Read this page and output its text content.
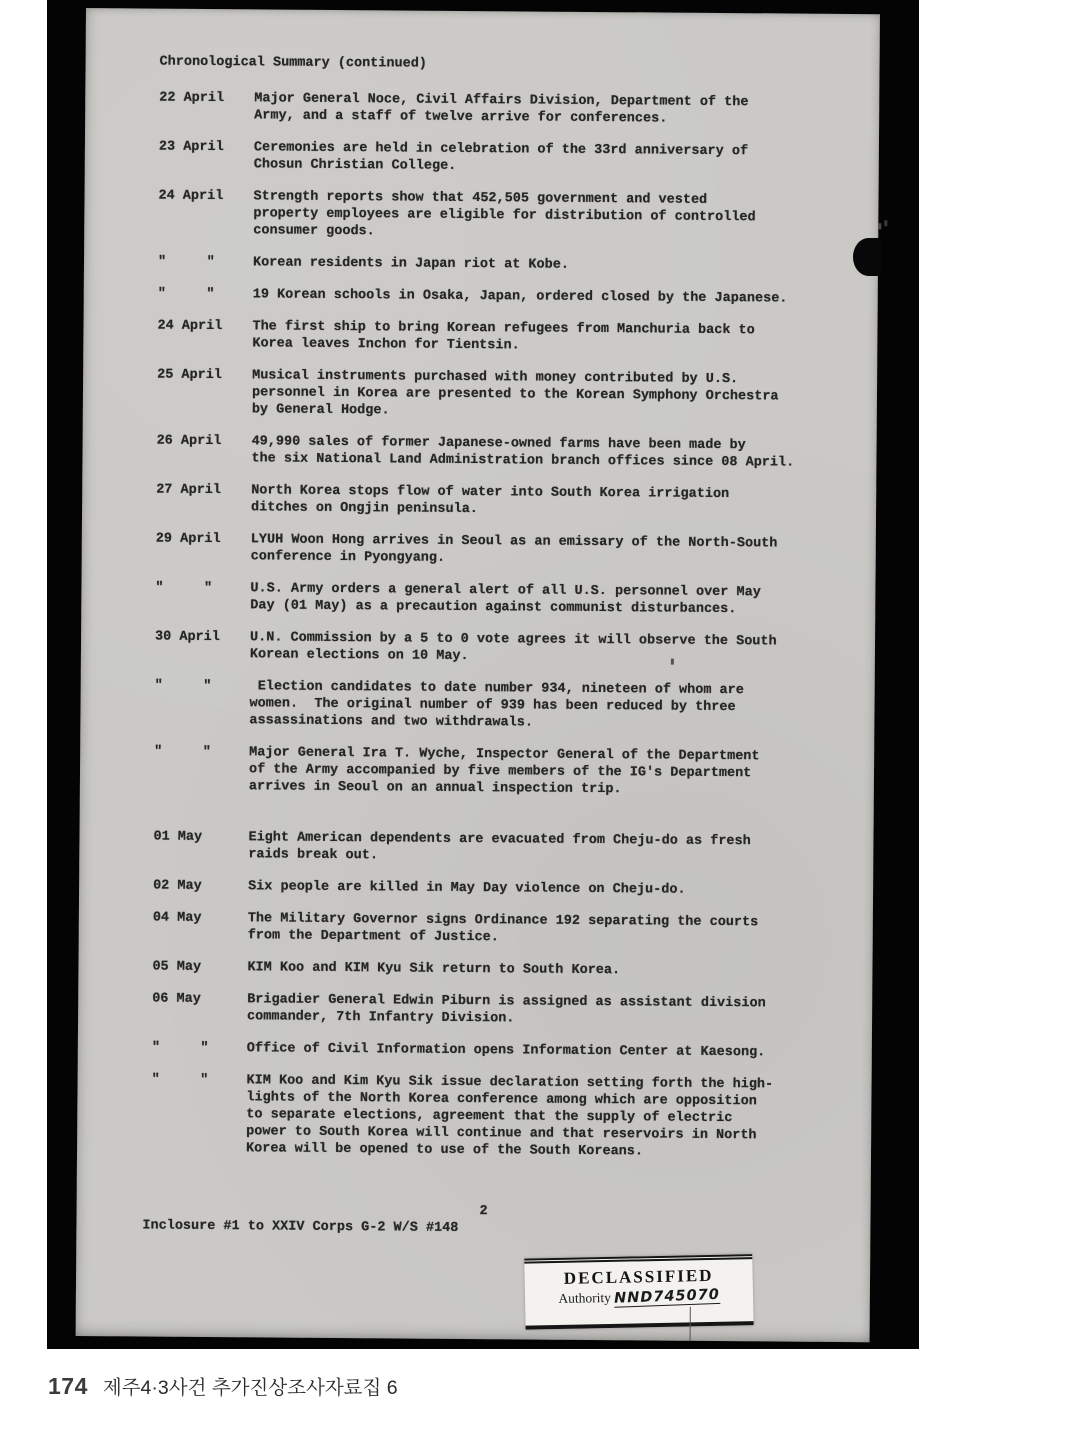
Chronological Summary (continued)
22 April	Major General Noce, Civil Affairs Division, Department of the
Army, and a staff of twelve arrive for conferences.
23 April	Ceremonies are held in celebration of the 33rd anniversary of
Chosun Christian College.
24 April	Strength reports show that 452,505 government and vested
property employees are eligible for distribution of controlled
consumer goods.
"     "	Korean residents in Japan riot at Kobe.
"     "	19 Korean schools in Osaka, Japan, ordered closed by the Japanese.
24 April	The first ship to bring Korean refugees from Manchuria back to
Korea leaves Inchon for Tientsin.
25 April	Musical instruments purchased with money contributed by U.S.
personnel in Korea are presented to the Korean Symphony Orchestra
by General Hodge.
26 April	49,990 sales of former Japanese-owned farms have been made by
the six National Land Administration branch offices since 08 April.
27 April	North Korea stops flow of water into South Korea irrigation
ditches on Ongjin peninsula.
29 April	LYUH Woon Hong arrives in Seoul as an emissary of the North-South
conference in Pyongyang.
"     "	U.S. Army orders a general alert of all U.S. personnel over May
Day (01 May) as a precaution against communist disturbances.
30 April	U.N. Commission by a 5 to 0 vote agrees it will observe the South
Korean elections on 10 May.
"     "	Election candidates to date number 934, nineteen of whom are
women.  The original number of 939 has been reduced by three
assassinations and two withdrawals.
"     "	Major General Ira T. Wyche, Inspector General of the Department
of the Army accompanied by five members of the IG's Department
arrives in Seoul on an annual inspection trip.
01 May	Eight American dependents are evacuated from Cheju-do as fresh
raids break out.
02 May	Six people are killed in May Day violence on Cheju-do.
04 May	The Military Governor signs Ordinance 192 separating the courts
from the Department of Justice.
05 May	KIM Koo and KIM Kyu Sik return to South Korea.
06 May	Brigadier General Edwin Piburn is assigned as assistant division
commander, 7th Infantry Division.
"     "	Office of Civil Information opens Information Center at Kaesong.
"     "	KIM Koo and Kim Kyu Sik issue declaration setting forth the high-
lights of the North Korea conference among which are opposition
to separate elections, agreement that the supply of electric
power to South Korea will continue and that reservoirs in North
Korea will be opened to use of the South Koreans.
2
Inclosure #1 to XXIV Corps G-2 W/S #148
DECLASSIFIED
Authority NND745070
174 제주4·3사건 추가진상조사자료집 6
